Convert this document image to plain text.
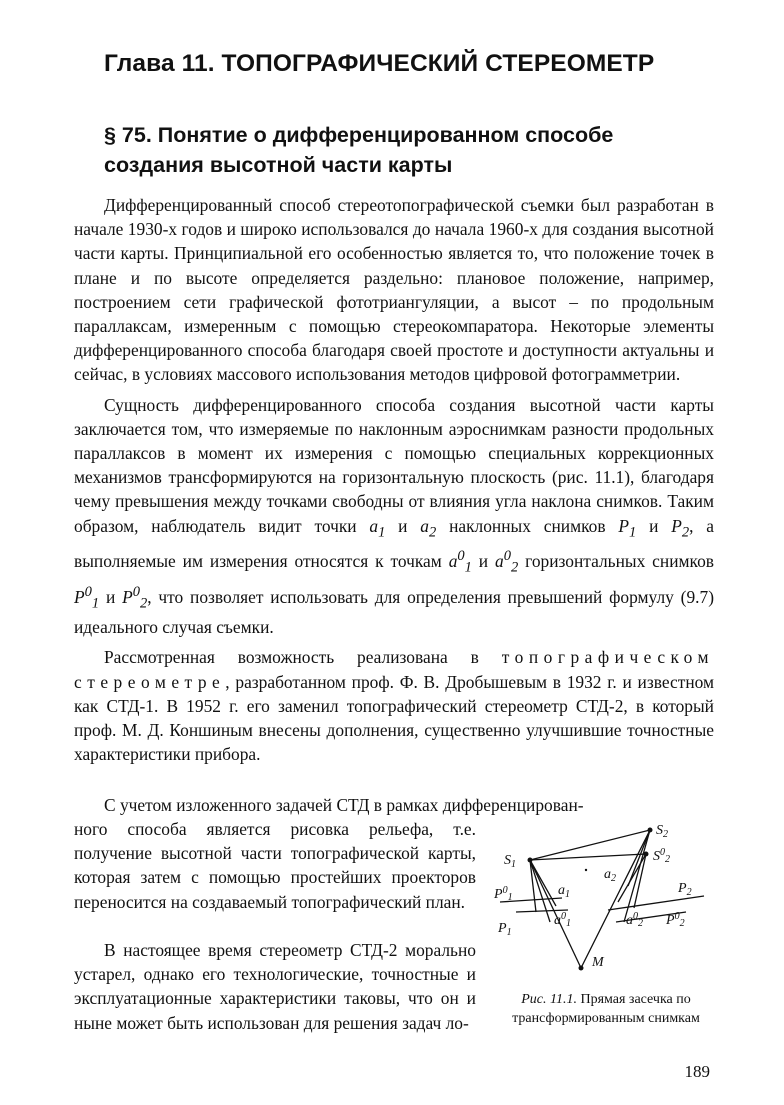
Глава 11. ТОПОГРАФИЧЕСКИЙ СТЕРЕОМЕТР
§ 75. Понятие о дифференцированном способе
создания высотной части карты

Дифференцированный способ стереотопографической съемки был разработан в начале 1930-х годов и широко использовался до начала 1960-х для создания высотной части карты. Принципиальной его особенностью является то, что положение точек в плане и по высоте определяется раздельно: плановое положение, например, построением сети графической фототриангуляции, а высот – по продольным параллаксам, измеренным с помощью стереокомпаратора. Некоторые элементы дифференцированного способа благодаря своей простоте и доступности актуальны и сейчас, в условиях массового использования методов цифровой фотограмметрии.

Сущность дифференцированного способа создания высотной части карты заключается том, что измеряемые по наклонным аэроснимкам разности продольных параллаксов в момент их измерения с помощью специальных коррекционных механизмов трансформируются на горизонтальную плоскость (рис. 11.1), благодаря чему превышения между точками свободны от влияния угла наклона снимков. Таким образом, наблюдатель видит точки $a_1$ и $a_2$ наклонных снимков $P_1$ и $P_2$, а выполняемые им измерения относятся к точкам $a^0_1$ и $a^0_2$ горизонтальных снимков $P^0_1$ и $P^0_2$, что позволяет использовать для определения превышений формулу (9.7) идеального случая съемки.

Рассмотренная возможность реализована в топографическом стереометре, разработанном проф. Ф. В. Дробышевым в 1932 г. и известном как СТД-1. В 1952 г. его заменил топографический стереометр СТД-2, в который проф. М. Д. Коншиным внесены дополнения, существенно улучшившие точностные характеристики прибора.

С учетом изложенного задачей СТД в рамках дифференцирован-

ного способа является рисовка рельефа, т.е. получение высотной части топографической карты, которая затем с помощью простейших проекторов переносится на создаваемый топографический план.

В настоящее время стереометр СТД-2 морально устарел, однако его технологические, точностные и эксплуатационные характеристики таковы, что он и ныне может быть использован для решения задач ло-

$S_1$
$S_2$
$S^0_2$
$a_2$
$a_1$
$P^0_1$
$P_2$
$P_1$
$a^0_1$	$a^0_2$ $P^0_2$
M
Рис. 11.1. Прямая засечка по трансформированным снимкам
189
